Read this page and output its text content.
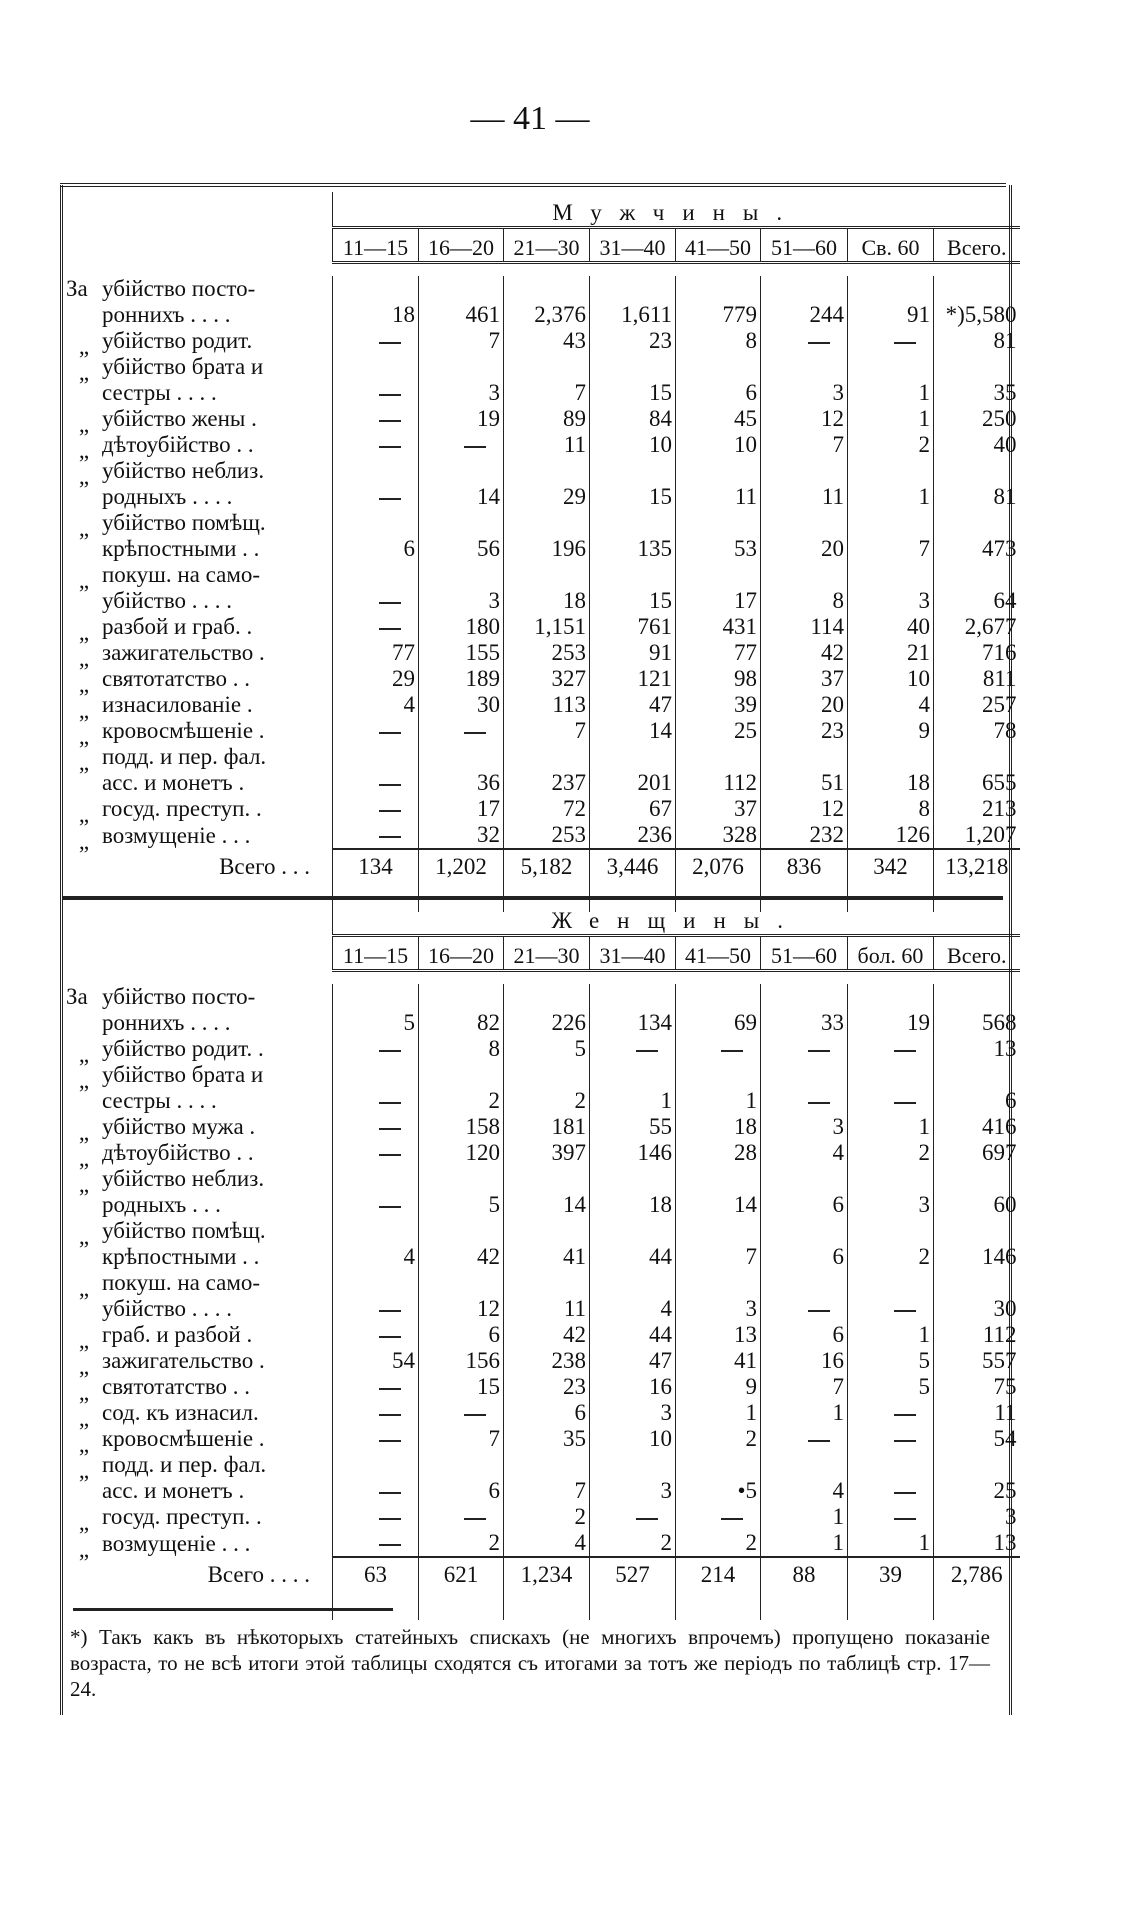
— 41 —
	Мужчины.							
	11—15	16—20	21—30	31—40	41—50	51—60	Св. 60	Всего.

За убійство посто-
роннихъ . . . .	18	461	2,376	1,611	779	244	91	*)5,580
„ убійство родит.		7	43	23	8			81
„ убійство брата и
сестры . . . .		3	7	15	6	3	1	35
„ убійство жены .		19	89	84	45	12	1	250
„ дѣтоубійство . .			11	10	10	7	2	40
„ убійство неблиз.
родныхъ . . . .		14	29	15	11	11	1	81
„ убійство помѣщ.
крѣпостными . .	6	56	196	135	53	20	7	473
„ покуш. на само-
убійство . . . .		3	18	15	17	8	3	64
„ разбой и граб. .		180	1,151	761	431	114	40	2,677
„ зажигательство .	77	155	253	91	77	42	21	716
„ святотатство . .	29	189	327	121	98	37	10	811
„ изнасилованіе .	4	30	113	47	39	20	4	257
„ кровосмѣшеніе .			7	14	25	23	9	78
„ подд. и пер. фал.
асс. и монетъ .		36	237	201	112	51	18	655
„ госуд. преступ. .		17	72	67	37	12	8	213
„ возмущеніе . . .		32	253	236	328	232	126	1,207
Всего . . .	134	1,202	5,182	3,446	2,076	836	342	13,218

	Женщины.							
	11—15	16—20	21—30	31—40	41—50	51—60	бол. 60	Всего.

За убійство посто-
роннихъ . . . .	5	82	226	134	69	33	19	568
„ убійство родит. .		8	5					13
„ убійство брата и
сестры . . . .		2	2	1	1			6
„ убійство мужа .		158	181	55	18	3	1	416
„ дѣтоубійство . .		120	397	146	28	4	2	697
„ убійство неблиз.
родныхъ . . .		5	14	18	14	6	3	60
„ убійство помѣщ.
крѣпостными . .	4	42	41	44	7	6	2	146
„ покуш. на само-
убійство . . . .		12	11	4	3			30
„ граб. и разбой .		6	42	44	13	6	1	112
„ зажигательство .	54	156	238	47	41	16	5	557
„ святотатство . .		15	23	16	9	7	5	75
„ сод. къ изнасил.			6	3	1	1		11
„ кровосмѣшеніе .		7	35	10	2			54
„ подд. и пер. фал.
асс. и монетъ .		6	7	3	•5	4		25
„ госуд. преступ. .			2			1		3
„ возмущеніе . . .		2	4	2	2	1	1	13
Всего . . . .	63	621	1,234	527	214	88	39	2,786

*) Такъ какъ въ нѣкоторыхъ статейныхъ спискахъ (не многихъ впрочемъ) пропущено показаніе возраста, то не всѣ итоги этой таблицы сходятся съ итогами за тотъ же періодъ по таблицѣ стр. 17—24.
